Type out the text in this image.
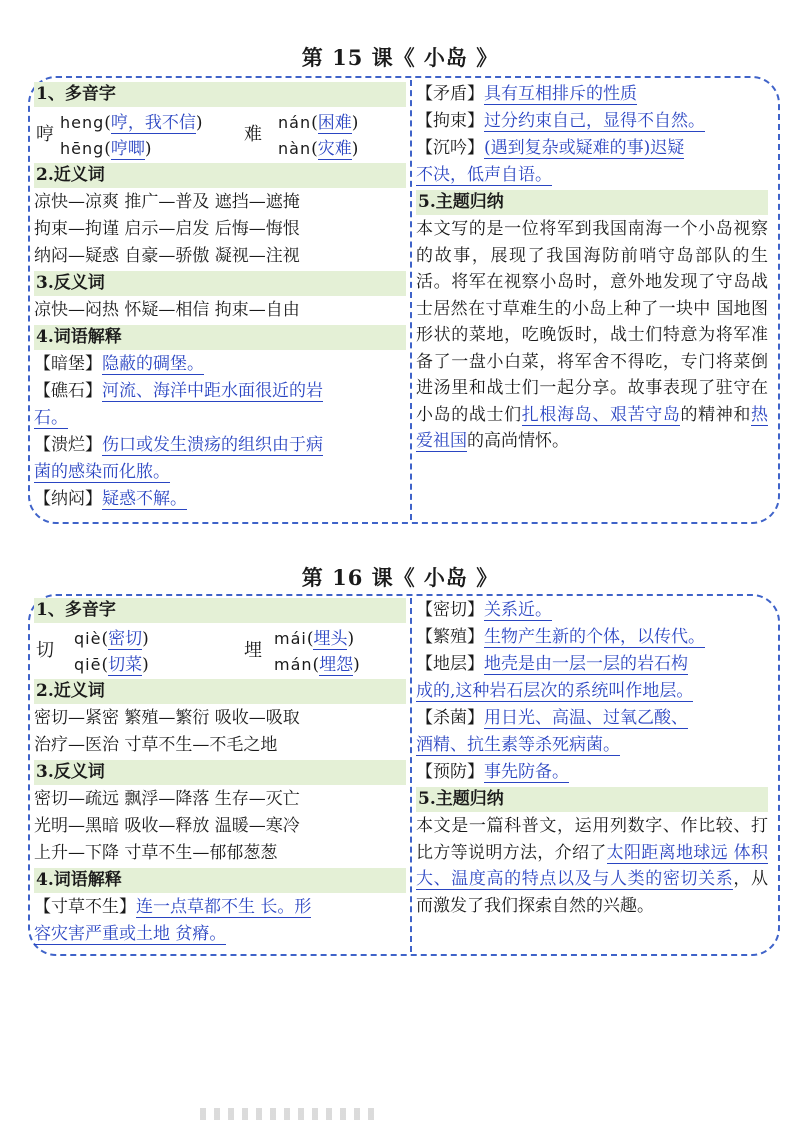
第 15 课《 小岛 》
1、多音字
哼
heng(哼，我不信)
hēng(哼唧)
难
nán(困难)
nàn(灾难)
2.近义词
凉快—凉爽 推广—普及 遮挡—遮掩
拘束—拘谨 启示—启发 后悔—悔恨
纳闷—疑惑 自豪—骄傲 凝视—注视
3.反义词
凉快—闷热 怀疑—相信 拘束—自由
4.词语解释
【暗堡】隐蔽的碉堡。
【礁石】河流、海洋中距水面很近的岩
石。
【溃烂】伤口或发生溃疡的组织由于病
菌的感染而化脓。
【纳闷】疑惑不解。
【矛盾】具有互相排斥的性质
【拘束】过分约束自己，显得不自然。
【沉吟】(遇到复杂或疑难的事)迟疑
不决，低声自语。
5.主题归纳
本文写的是一位将军到我国南海一个小岛视察的故事，展现了我国海防前哨守岛部队的生活。将军在视察小岛时，意外地发现了守岛战士居然在寸草难生的小岛上种了一块中 国地图形状的菜地，吃晚饭时，战士们特意为将军准备了一盘小白菜，将军舍不得吃，专门将菜倒进汤里和战士们一起分享。故事表现了驻守在小岛的战士们扎根海岛、艰苦守岛的精神和热爱祖国的高尚情怀。
第 16 课《 小岛 》
1、多音字
切
qiè(密切)
qiē(切菜)
埋
mái(埋头)
mán(埋怨)
2.近义词
密切—紧密 繁殖—繁衍 吸收—吸取
治疗—医治 寸草不生—不毛之地
3.反义词
密切—疏远 飘浮—降落 生存—灭亡
光明—黑暗 吸收—释放 温暖—寒冷
上升—下降 寸草不生—郁郁葱葱
4.词语解释
【寸草不生】连一点草都不生 长。形
容灾害严重或土地 贫瘠。
【密切】关系近。
【繁殖】生物产生新的个体，以传代。
【地层】地壳是由一层一层的岩石构
成的,这种岩石层次的系统叫作地层。
【杀菌】用日光、高温、过氧乙酸、
酒精、抗生素等杀死病菌。
【预防】事先防备。
5.主题归纳
本文是一篇科普文，运用列数字、作比较、打比方等说明方法，介绍了太阳距离地球远 体积大、温度高的特点以及与人类的密切关系，从而激发了我们探索自然的兴趣。
